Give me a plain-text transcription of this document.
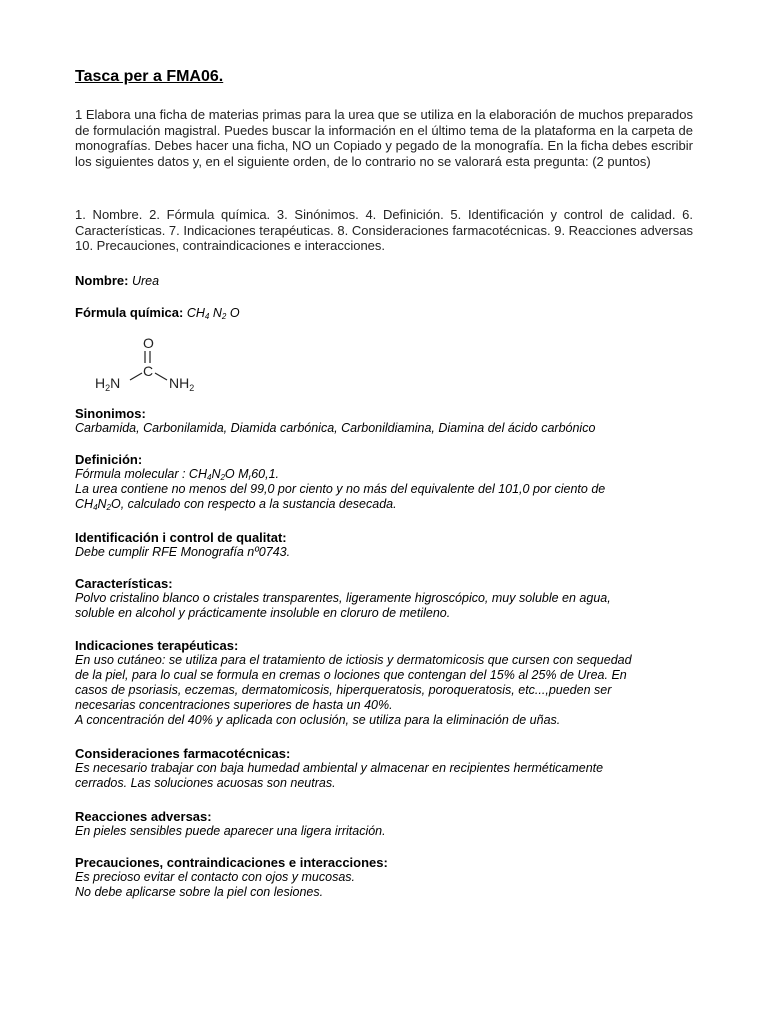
Tasca per a FMA06.
1 Elabora una ficha de materias primas para la urea que se utiliza en la elaboración de muchos preparados de formulación magistral. Puedes buscar la información en el último tema de la plataforma en la carpeta de monografías. Debes hacer una ficha, NO un Copiado y pegado de la monografía. En la ficha debes escribir los siguientes datos y, en el siguiente orden, de lo contrario no se valorará esta pregunta: (2 puntos)
1. Nombre. 2. Fórmula química. 3. Sinónimos. 4. Definición. 5. Identificación y control de calidad. 6. Características. 7. Indicaciones terapéuticas. 8. Consideraciones farmacotécnicas. 9. Reacciones adversas 10. Precauciones, contraindicaciones e interacciones.
Nombre: Urea
Fórmula química: $CH_4$ $N_2$ O
O
C
$H_2N$	$NH_2$
Sinonimos:
Carbamida, Carbonilamida, Diamida carbónica, Carbonildiamina, Diamina del ácido carbónico
Definición:
Fórmula molecular : $CH_4N_2O$ $M_r60,1$.
La urea contiene no menos del 99,0 por ciento y no más del equivalente del 101,0 por ciento de
$CH_4N_2O$, calculado con respecto a la sustancia desecada.
Identificación i control de qualitat:
Debe cumplir RFE Monografía nº0743.
Características:
Polvo cristalino blanco o cristales transparentes, ligeramente higroscópico, muy soluble en agua,
soluble en alcohol y prácticamente insoluble en cloruro de metileno.
Indicaciones terapéuticas:
En uso cutáneo: se utiliza para el tratamiento de ictiosis y dermatomicosis que cursen con sequedad
de la piel, para lo cual se formula en cremas o lociones que contengan del 15% al 25% de Urea. En
casos de psoriasis, eczemas, dermatomicosis, hiperqueratosis, poroqueratosis, etc...,pueden ser
necesarias concentraciones superiores de hasta un 40%.
A concentración del 40% y aplicada con oclusión, se utiliza para la eliminación de uñas.
Consideraciones farmacotécnicas:
Es necesario trabajar con baja humedad ambiental y almacenar en recipientes herméticamente
cerrados. Las soluciones acuosas son neutras.
Reacciones adversas:
En pieles sensibles puede aparecer una ligera irritación.
Precauciones, contraindicaciones e interacciones:
Es precioso evitar el contacto con ojos y mucosas.
No debe aplicarse sobre la piel con lesiones.
